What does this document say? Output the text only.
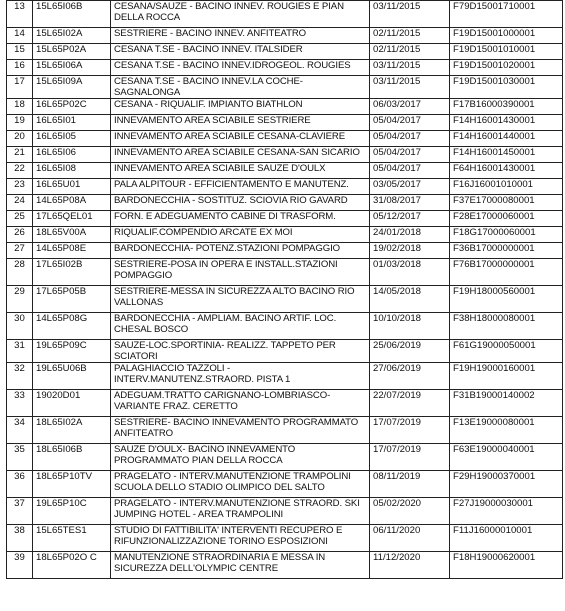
13	15L65I06B	CESANA/SAUZE - BACINO INNEV. ROUGIES E PIAN DELLA ROCCA	03/11/2015	F79D15001710001
14	15L65I02A	SESTRIERE - BACINO INNEV. ANFITEATRO	02/11/2015	F19D15001000001
15	15L65P02A	CESANA T.SE - BACINO INNEV. ITALSIDER	02/11/2015	F19D15001010001
16	15L65I06A	CESANA T.SE - BACINO INNEV.IDROGEOL. ROUGIES	03/11/2015	F19D15001020001
17	15L65I09A	CESANA T.SE - BACINO INNEV.LA COCHE-SAGNALONGA	03/11/2015	F19D15001030001
18	16L65P02C	CESANA - RIQUALIF. IMPIANTO BIATHLON	06/03/2017	F17B16000390001
19	16L65I01	INNEVAMENTO AREA SCIABILE SESTRIERE	05/04/2017	F14H16001430001
20	16L65I05	INNEVAMENTO AREA SCIABILE CESANA-CLAVIERE	05/04/2017	F14H16001440001
21	16L65I06	INNEVAMENTO AREA SCIABILE CESANA-SAN SICARIO	05/04/2017	F14H16001450001
22	16L65I08	INNEVAMENTO AREA SCIABILE SAUZE D'OULX	05/04/2017	F64H16001430001
23	16L65U01	PALA ALPITOUR - EFFICIENTAMENTO E MANUTENZ.	03/05/2017	F16J16001010001
24	14L65P08A	BARDONECCHIA - SOSTITUZ. SCIOVIA RIO GAVARD	31/08/2017	F37E17000080001
25	17L65QEL01	FORN. E ADEGUAMENTO CABINE DI TRASFORM.	05/12/2017	F28E17000060001
26	18L65V00A	RIQUALIF.COMPENDIO ARCATE EX MOI	24/01/2018	F18G17000060001
27	14L65P08E	BARDONECCHIA- POTENZ.STAZIONI POMPAGGIO	19/02/2018	F36B17000000001
28	17L65I02B	SESTRIERE-POSA IN OPERA E INSTALL.STAZIONI POMPAGGIO	01/03/2018	F76B17000000001
29	17L65P05B	SESTRIERE-MESSA IN SICUREZZA ALTO BACINO RIO VALLONAS	14/05/2018	F19H18000560001
30	14L65P08G	BARDONECCHIA - AMPLIAM. BACINO ARTIF. LOC. CHESAL BOSCO	10/10/2018	F38H18000080001
31	19L65P09C	SAUZE-LOC.SPORTINIA- REALIZZ. TAPPETO PER SCIATORI	25/06/2019	F61G19000050001
32	19L65U06B	PALAGHIACCIO TAZZOLI - INTERV.MANUTENZ.STRAORD. PISTA 1	27/06/2019	F19H19000160001
33	19020D01	ADEGUAM.TRATTO CARIGNANO-LOMBRIASCO-VARIANTE FRAZ. CERETTO	22/07/2019	F31B19000140002
34	18L65I02A	SESTRIERE- BACINO INNEVAMENTO PROGRAMMATO ANFITEATRO	17/07/2019	F13E19000080001
35	18L65I06B	SAUZE D'OULX- BACINO INNEVAMENTO PROGRAMMATO PIAN DELLA ROCCA	17/07/2019	F63E19000040001
36	18L65P10TV	PRAGELATO - INTERV.MANUTENZIONE TRAMPOLINI SCUOLA DELLO STADIO OLIMPICO DEL SALTO	08/11/2019	F29H19000370001
37	19L65P10C	PRAGELATO - INTERV.MANUTENZIONE STRAORD. SKI JUMPING HOTEL - AREA TRAMPOLINI	05/02/2020	F27J19000030001
38	15L65TES1	STUDIO DI FATTIBILITA' INTERVENTI RECUPERO E RIFUNZIONALIZZAZIONE TORINO ESPOSIZIONI	06/11/2020	F11J16000010001
39	18L65P02O C	MANUTENZIONE STRAORDINARIA E MESSA IN SICUREZZA DELL'OLYMPIC CENTRE	11/12/2020	F18H19000620001
